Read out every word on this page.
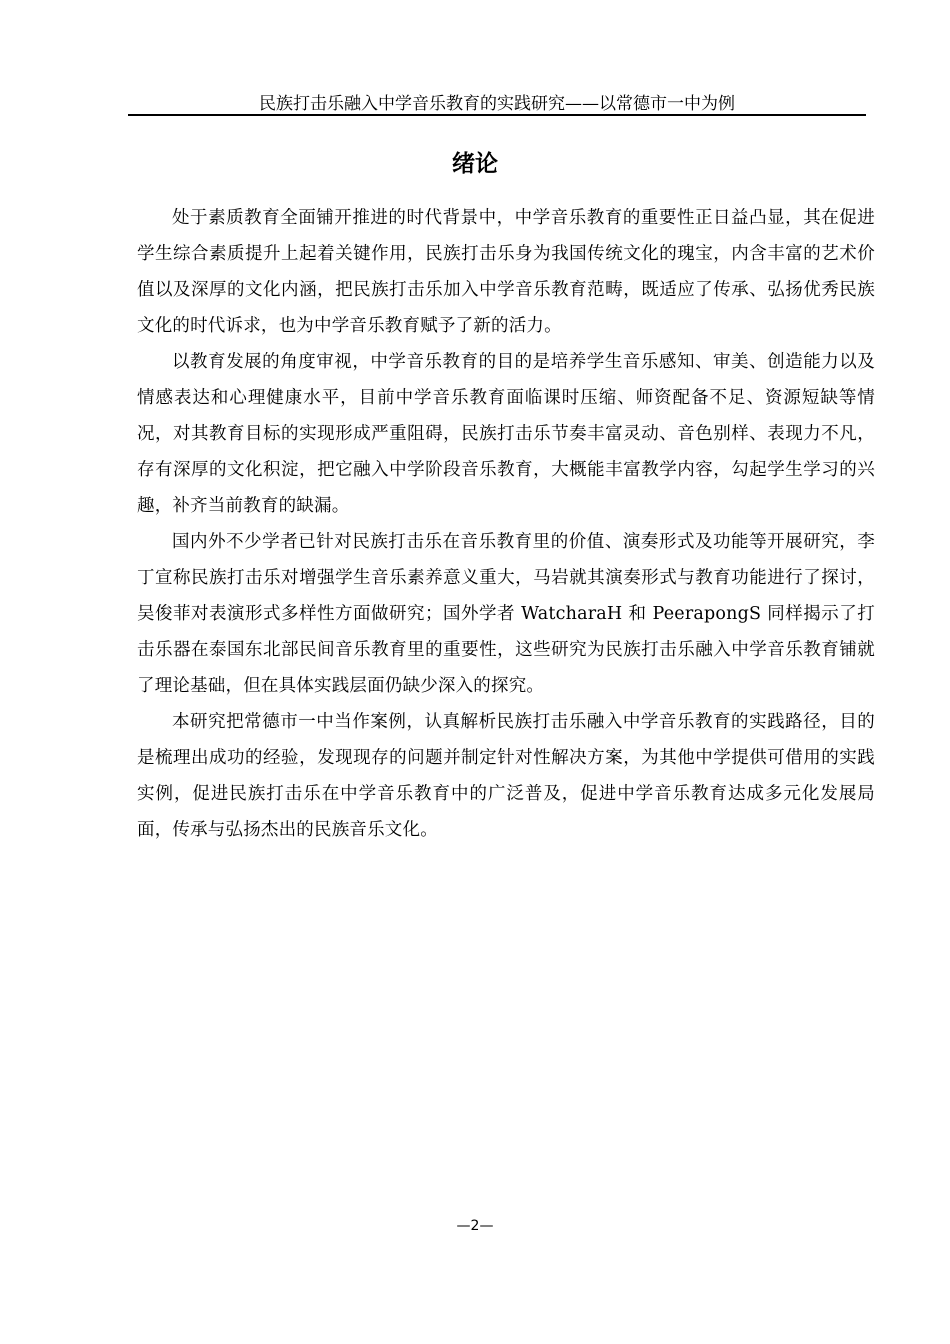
民族打击乐融入中学音乐教育的实践研究——以常德市一中为例
绪论

处于素质教育全面铺开推进的时代背景中，中学音乐教育的重要性正日益凸显，其在促进学生综合素质提升上起着关键作用，民族打击乐身为我国传统文化的瑰宝，内含丰富的艺术价值以及深厚的文化内涵，把民族打击乐加入中学音乐教育范畴，既适应了传承、弘扬优秀民族文化的时代诉求，也为中学音乐教育赋予了新的活力。

以教育发展的角度审视，中学音乐教育的目的是培养学生音乐感知、审美、创造能力以及情感表达和心理健康水平，目前中学音乐教育面临课时压缩、师资配备不足、资源短缺等情况，对其教育目标的实现形成严重阻碍，民族打击乐节奏丰富灵动、音色别样、表现力不凡，存有深厚的文化积淀，把它融入中学阶段音乐教育，大概能丰富教学内容，勾起学生学习的兴趣，补齐当前教育的缺漏。

国内外不少学者已针对民族打击乐在音乐教育里的价值、演奏形式及功能等开展研究，李丁宣称民族打击乐对增强学生音乐素养意义重大，马岩就其演奏形式与教育功能进行了探讨，吴俊菲对表演形式多样性方面做研究；国外学者 WatcharaH 和 PeerapongS 同样揭示了打击乐器在泰国东北部民间音乐教育里的重要性，这些研究为民族打击乐融入中学音乐教育铺就了理论基础，但在具体实践层面仍缺少深入的探究。

本研究把常德市一中当作案例，认真解析民族打击乐融入中学音乐教育的实践路径，目的是梳理出成功的经验，发现现存的问题并制定针对性解决方案，为其他中学提供可借用的实践实例，促进民族打击乐在中学音乐教育中的广泛普及，促进中学音乐教育达成多元化发展局面，传承与弘扬杰出的民族音乐文化。

—2—
